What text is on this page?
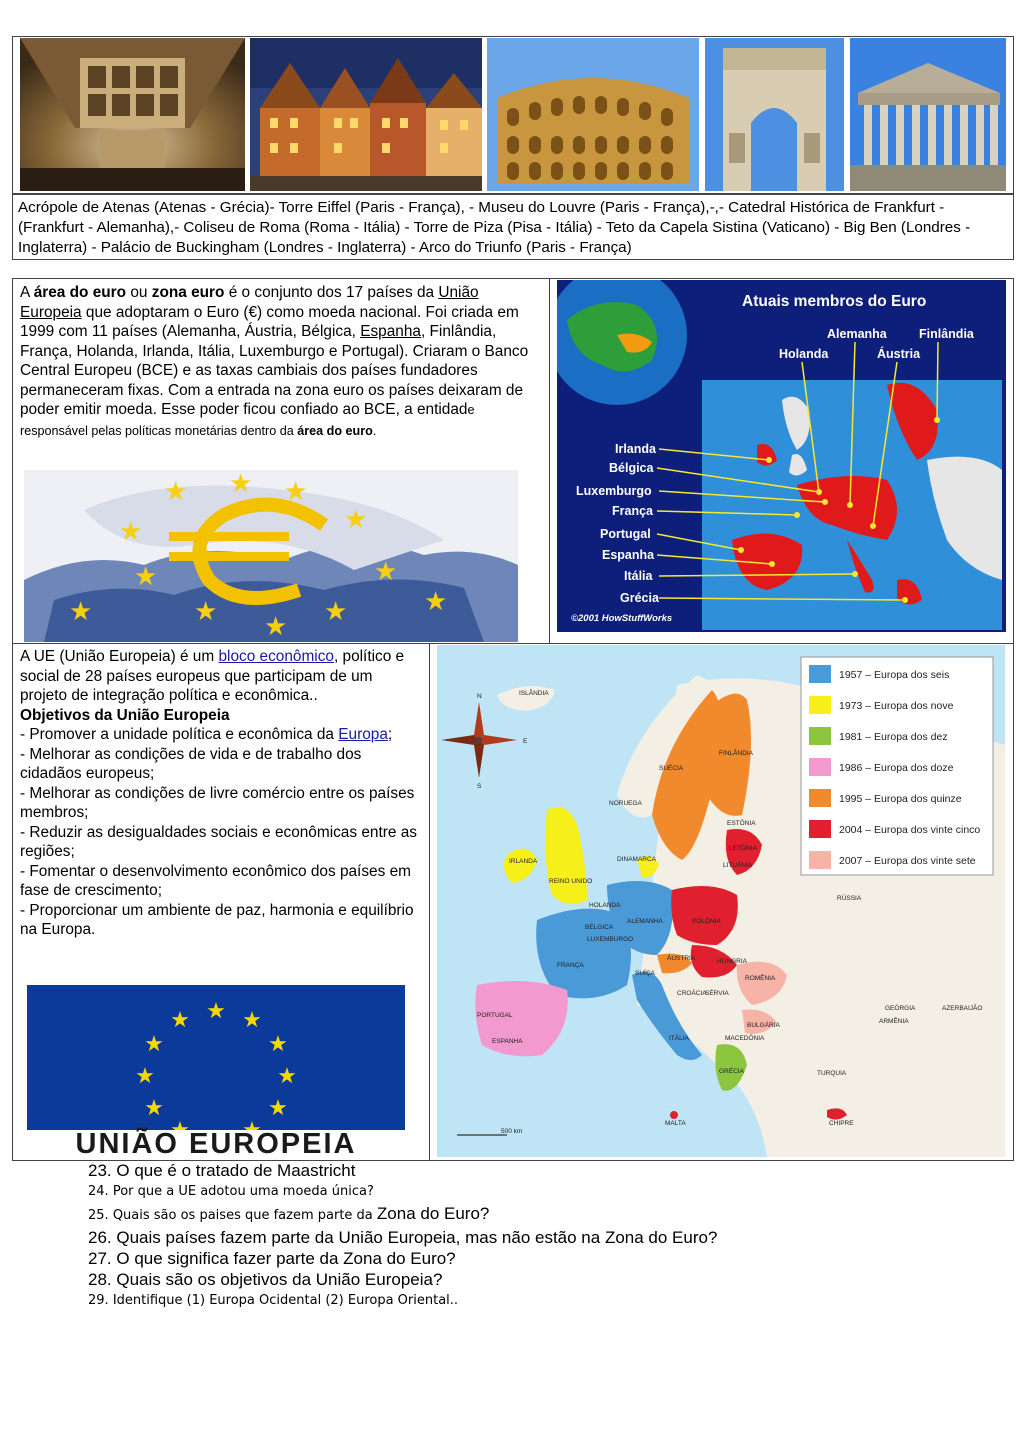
Acrópole de Atenas (Atenas - Grécia)- Torre Eiffel (Paris - França), - Museu do Louvre (Paris - França),-,- Catedral Histórica de Frankfurt - (Frankfurt - Alemanha),- Coliseu de Roma (Roma - Itália) - Torre de Piza (Pisa - Itália) - Teto da Capela Sistina (Vaticano) - Big Ben (Londres - Inglaterra) - Palácio de Buckingham (Londres - Inglaterra) - Arco do Triunfo (Paris - França)
A área do euro ou zona euro é o conjunto dos 17 países da União Europeia que adoptaram o Euro (€) como moeda nacional. Foi criada em 1999 com 11 países (Alemanha, Áustria, Bélgica, Espanha, Finlândia, França, Holanda, Irlanda, Itália, Luxemburgo e Portugal). Criaram o Banco Central Europeu (BCE) e as taxas cambiais dos países fundadores permaneceram fixas. Com a entrada na zona euro os países deixaram de poder emitir moeda. Esse poder ficou confiado ao BCE, a entidade responsável pelas políticas monetárias dentro da área do euro.
★ ★ ★
★
★
★
★
★
★
★
★
★
Atuais membros do Euro
Alemanha	Finlândia
Holanda	Áustria
Irlanda
Bélgica
Luxemburgo
França
Portugal
Espanha
Itália
Grécia
©2001 HowStuffWorks
A UE (União Europeia) é um bloco econômico, político e social de 28 países europeus que participam de um projeto de integração política e econômica..
Objetivos da União Europeia
- Promover a unidade política e econômica da Europa;
- Melhorar as condições de vida e de trabalho dos cidadãos europeus;
- Melhorar as condições de livre comércio entre os países membros;
- Reduzir as desigualdades sociais e econômicas entre as regiões;
- Fomentar o desenvolvimento econômico dos países em fase de crescimento;
- Proporcionar um ambiente de paz, harmonia e equilíbrio na Europa.
★ ★
★
★
★
★
★
★
★
UNIÃO EUROPEIA
1957 – Europa dos seis
1973 – Europa dos nove
1981 – Europa dos dez
1986 – Europa dos doze
1995 – Europa dos quinze
2004 – Europa dos vinte cinco
2007 – Europa dos vinte sete
N
S
E
500 km
ISLÂNDIA
SUÉCIA
FINLÂNDIA
NORUEGA
ESTÔNIA
LETÔNIA
LITUÂNIA
DINAMARCA
IRLANDA
REINO UNIDO
HOLANDA
BÉLGICA
LUXEMBURGO
ALEMANHA	POLÔNIA
FRANÇA
SUÍÇA
ÁUSTRIA	HUNGRIA
ROMÊNIA
BULGÁRIA
PORTUGAL
ESPANHA	ITÁLIA
GRÉCIA	TURQUIA
RÚSSIA
GEÓRGIA
ARMÊNIA
AZERBAIJÃO
MALTA	CHIPRE
MACEDÔNIA
SÉRVIA
CROÁCIA
23. O que é o tratado de Maastricht
24. Por que a UE adotou uma moeda única?
25. Quais são os paises que fazem parte da Zona do Euro?
26. Quais países fazem parte da União Europeia, mas não estão na Zona do Euro?
27. O que significa fazer parte da Zona do Euro?
28. Quais são os objetivos da União Europeia?
29. Identifique (1) Europa Ocidental (2) Europa Oriental..
